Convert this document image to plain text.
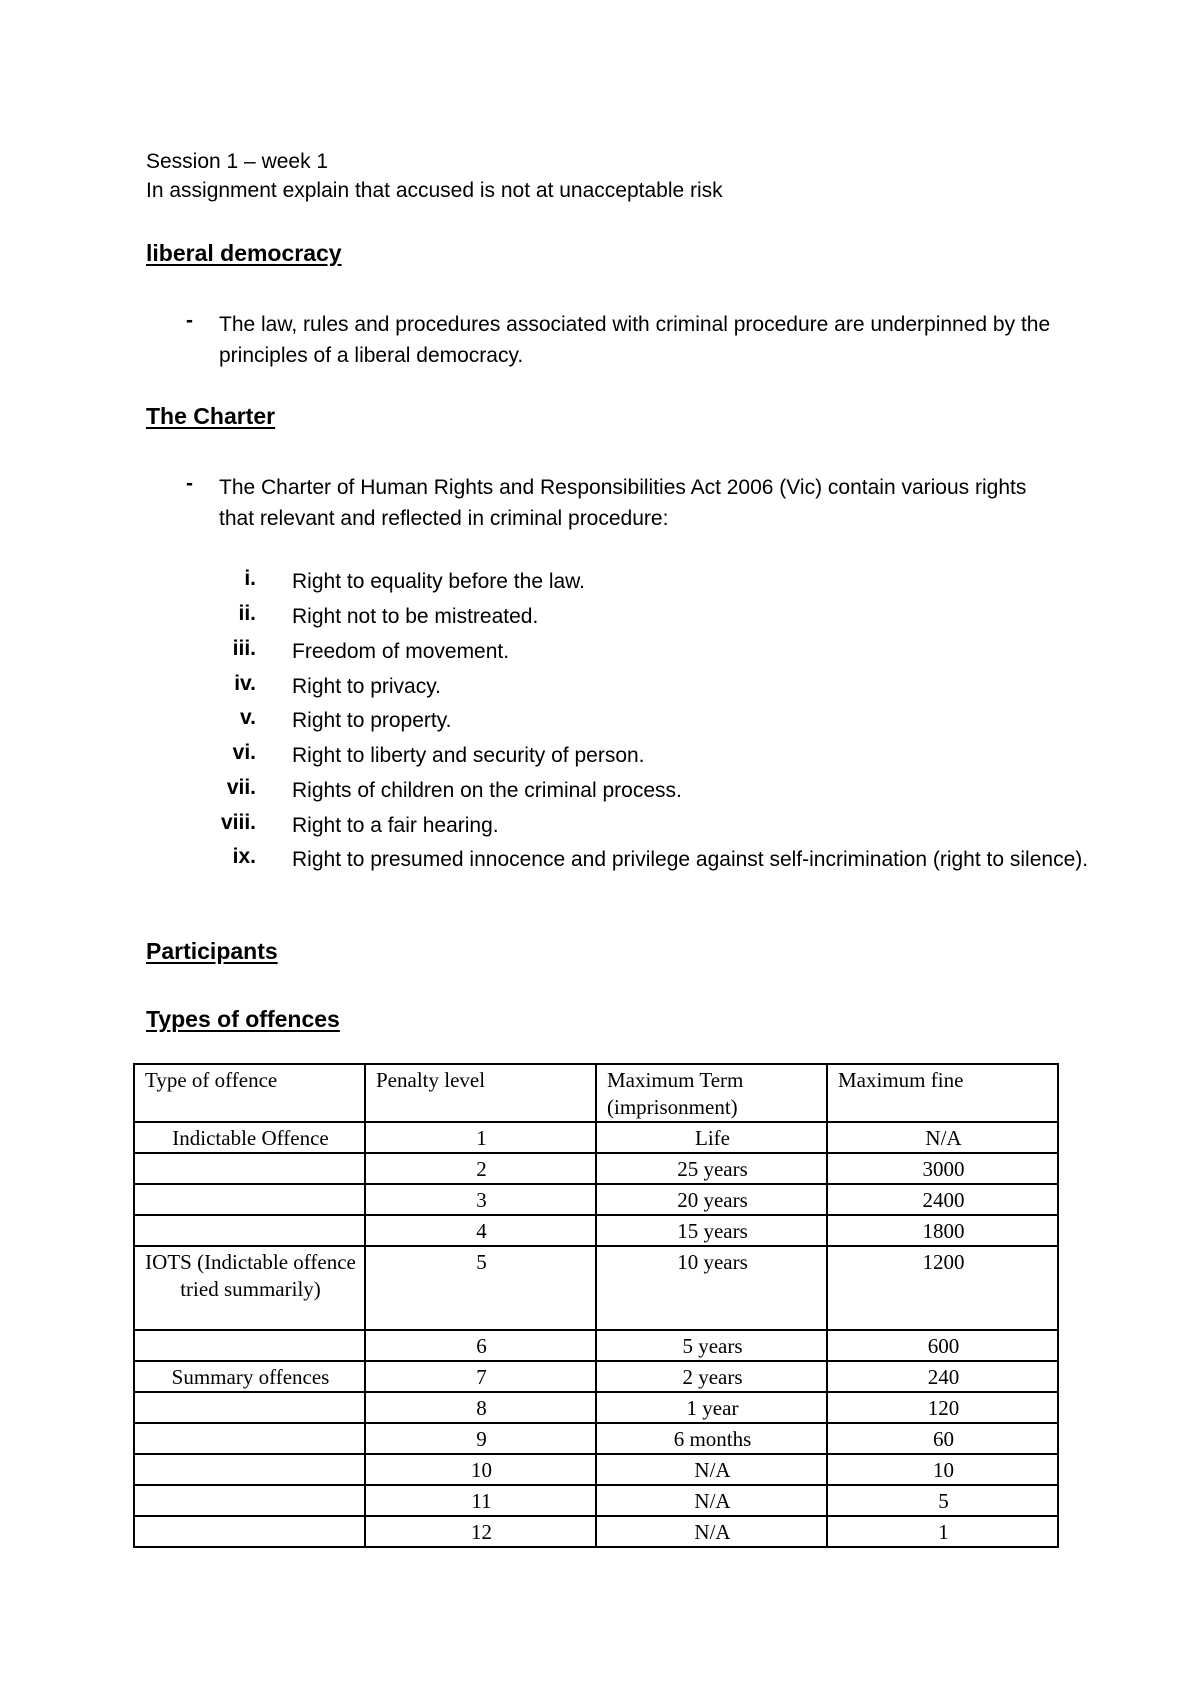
Session 1 – week 1
In assignment explain that accused is not at unacceptable risk
liberal democracy
- The law, rules and procedures associated with criminal procedure are underpinned by the principles of a liberal democracy.
The Charter
- The Charter of Human Rights and Responsibilities Act 2006 (Vic) contain various rights that relevant and reflected in criminal procedure:
i. Right to equality before the law.
ii. Right not to be mistreated.
iii. Freedom of movement.
iv. Right to privacy.
v. Right to property.
vi. Right to liberty and security of person.
vii. Rights of children on the criminal process.
viii. Right to a fair hearing.
ix. Right to presumed innocence and privilege against self-incrimination (right to silence).
Participants
Types of offences
Type of offence	Penalty level	Maximum Term (imprisonment)	Maximum fine
Indictable Offence	1	Life	N/A
	2	25 years	3000
	3	20 years	2400
	4	15 years	1800
IOTS (Indictable offence tried summarily)	5	10 years	1200
	6	5 years	600
Summary offences	7	2 years	240
	8	1 year	120
	9	6 months	60
	10	N/A	10
	11	N/A	5
	12	N/A	1
